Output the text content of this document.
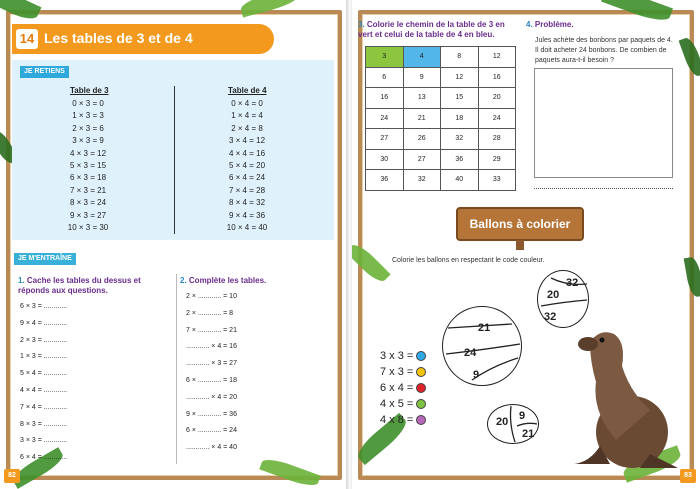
14 Les tables de 3 et de 4
JE RETIENS
Table de 3
0 × 3 = 0
1 × 3 = 3
2 × 3 = 6
3 × 3 = 9
4 × 3 = 12
5 × 3 = 15
6 × 3 = 18
7 × 3 = 21
8 × 3 = 24
9 × 3 = 27
10 × 3 = 30
Table de 4
0 × 4 = 0
1 × 4 = 4
2 × 4 = 8
3 × 4 = 12
4 × 4 = 16
5 × 4 = 20
6 × 4 = 24
7 × 4 = 28
8 × 4 = 32
9 × 4 = 36
10 × 4 = 40
JE M'ENTRAÎNE
1. Cache les tables du dessus et réponds aux questions.
6 × 3 = ............
9 × 4 = ............
2 × 3 = ............
1 × 3 = ............
5 × 4 = ............
4 × 4 = ............
7 × 4 = ............
8 × 3 = ............
3 × 3 = ............
6 × 4 = ............
2. Complète les tables.
2 × ............ = 10
2 × ............ = 8
7 × ............ = 21
............ × 4 = 16
............ × 3 = 27
6 × ............ = 18
............ × 4 = 20
9 × ............ = 36
6 × ............ = 24
............ × 4 = 40
82
3. Colorie le chemin de la table de 3 en vert et celui de la table de 4 en bleu.
3	4	8	12
6	9	12	16
16	13	15	20
24	21	18	24
27	26	32	28
30	27	36	29
36	32	40	33
4. Problème.
Jules achète des bonbons par paquets de 4. Il doit acheter 24 bonbons. De combien de paquets aura-t-il besoin ?
Ballons à colorier
Colorie les ballons en respectant le code couleur.
3 x 3 =
7 x 3 =
6 x 4 =
4 x 5 =
4 x 8 =
21
24
9
32
20
32
20 9
21
83
